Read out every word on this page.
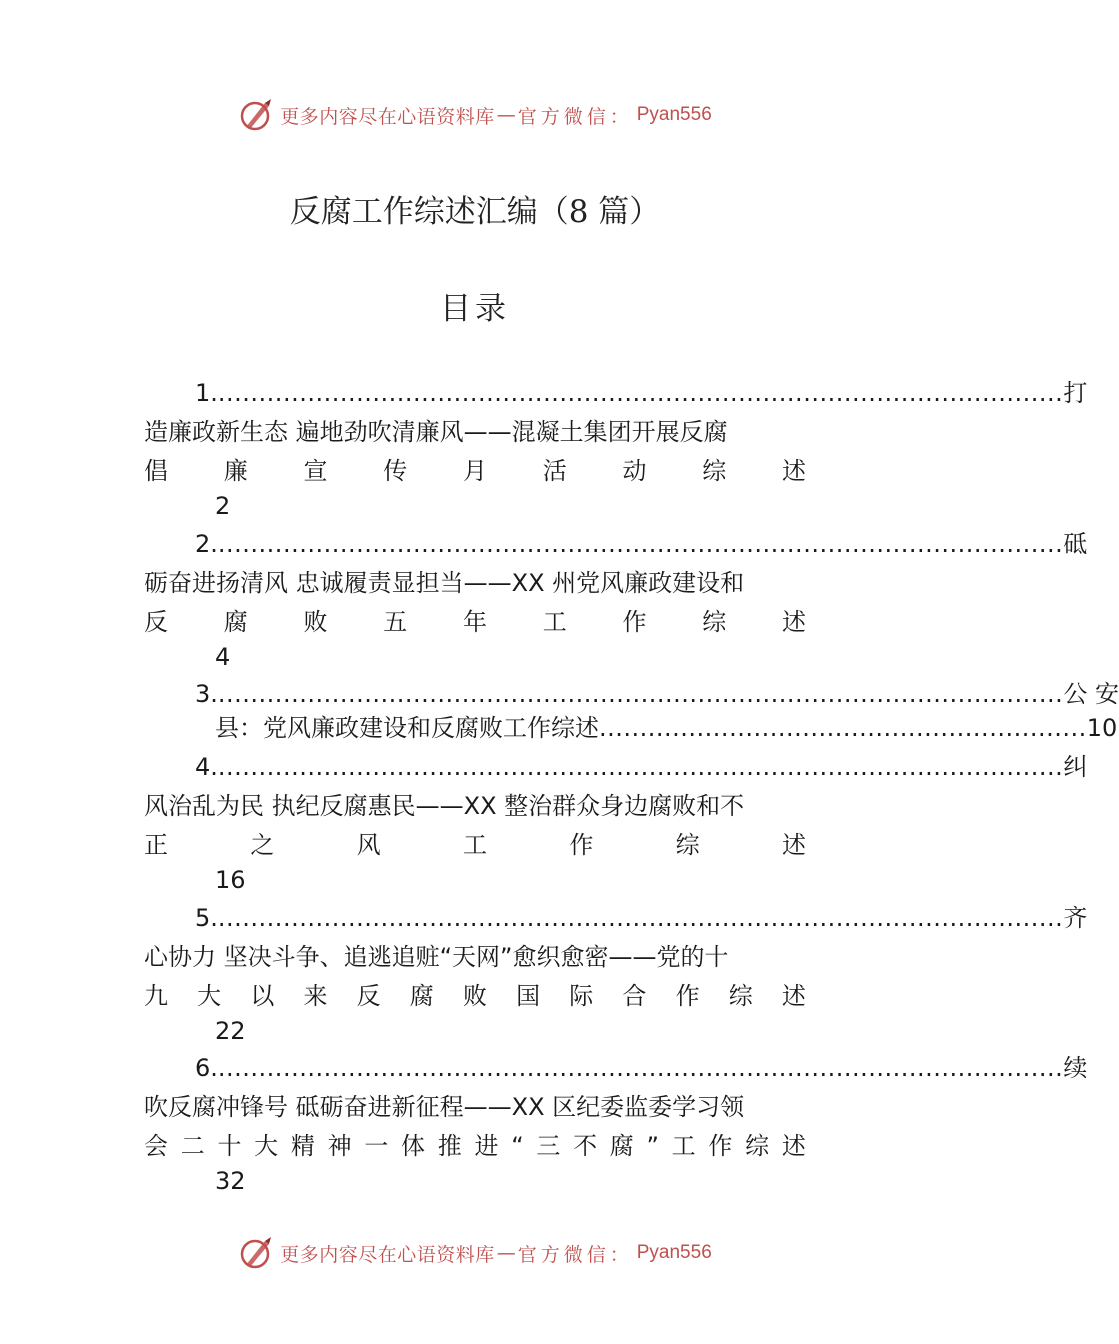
更多内容尽在心语资料库 — 官方微信： Pyan556
反腐工作综述汇编（8 篇）
目录
1. ........................................................................................................ 打
造廉政新生态 遍地劲吹清廉风——混凝土集团开展反腐
倡 廉 宣 传 月 活 动 综 述
2
2. ........................................................................................................ 砥
砺奋进扬清风 忠诚履责显担当——XX 州党风廉政建设和
反 腐 败 五 年 工 作 综 述
4
3. ........................................................................................................ 公 安
县：党风廉政建设和反腐败工作综述 ............................................................ 10
4. ........................................................................................................ 纠
风治乱为民 执纪反腐惠民——XX 整治群众身边腐败和不
正	之	风	工	作	综	述
16
5. ........................................................................................................ 齐
心协力 坚决斗争、追逃追赃“天网”愈织愈密——党的十
九 大 以 来 反 腐 败 国 际 合 作 综 述
22
6. ........................................................................................................ 续
吹反腐冲锋号 砥砺奋进新征程——XX 区纪委监委学习领
会 二 十 大 精 神 一 体 推 进 “ 三 不 腐 ” 工 作 综 述
32
更多内容尽在心语资料库 — 官方微信： Pyan556
